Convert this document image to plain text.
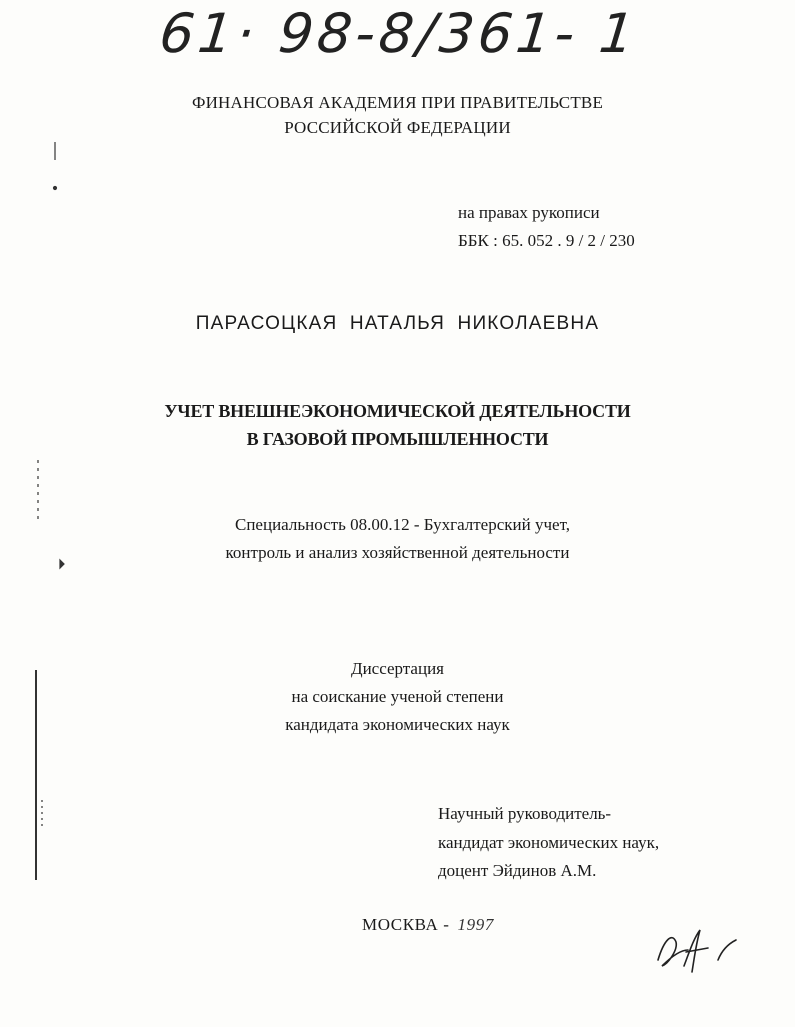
61· 98-8/361- 1
ФИНАНСОВАЯ АКАДЕМИЯ ПРИ ПРАВИТЕЛЬСТВЕ
РОССИЙСКОЙ ФЕДЕРАЦИИ
на правах рукописи
ББК : 65. 052 . 9 / 2 / 230
ПАРАСОЦКАЯ НАТАЛЬЯ НИКОЛАЕВНА
УЧЕТ ВНЕШНЕЭКОНОМИЧЕСКОЙ ДЕЯТЕЛЬНОСТИ
В ГАЗОВОЙ ПРОМЫШЛЕННОСТИ
Специальность 08.00.12 - Бухгалтерский учет,
контроль и анализ хозяйственной деятельности
Диссертация
на соискание ученой степени
кандидата экономических наук
Научный руководитель-
кандидат экономических наук,
доцент Эйдинов А.М.
МОСКВА - 1997
